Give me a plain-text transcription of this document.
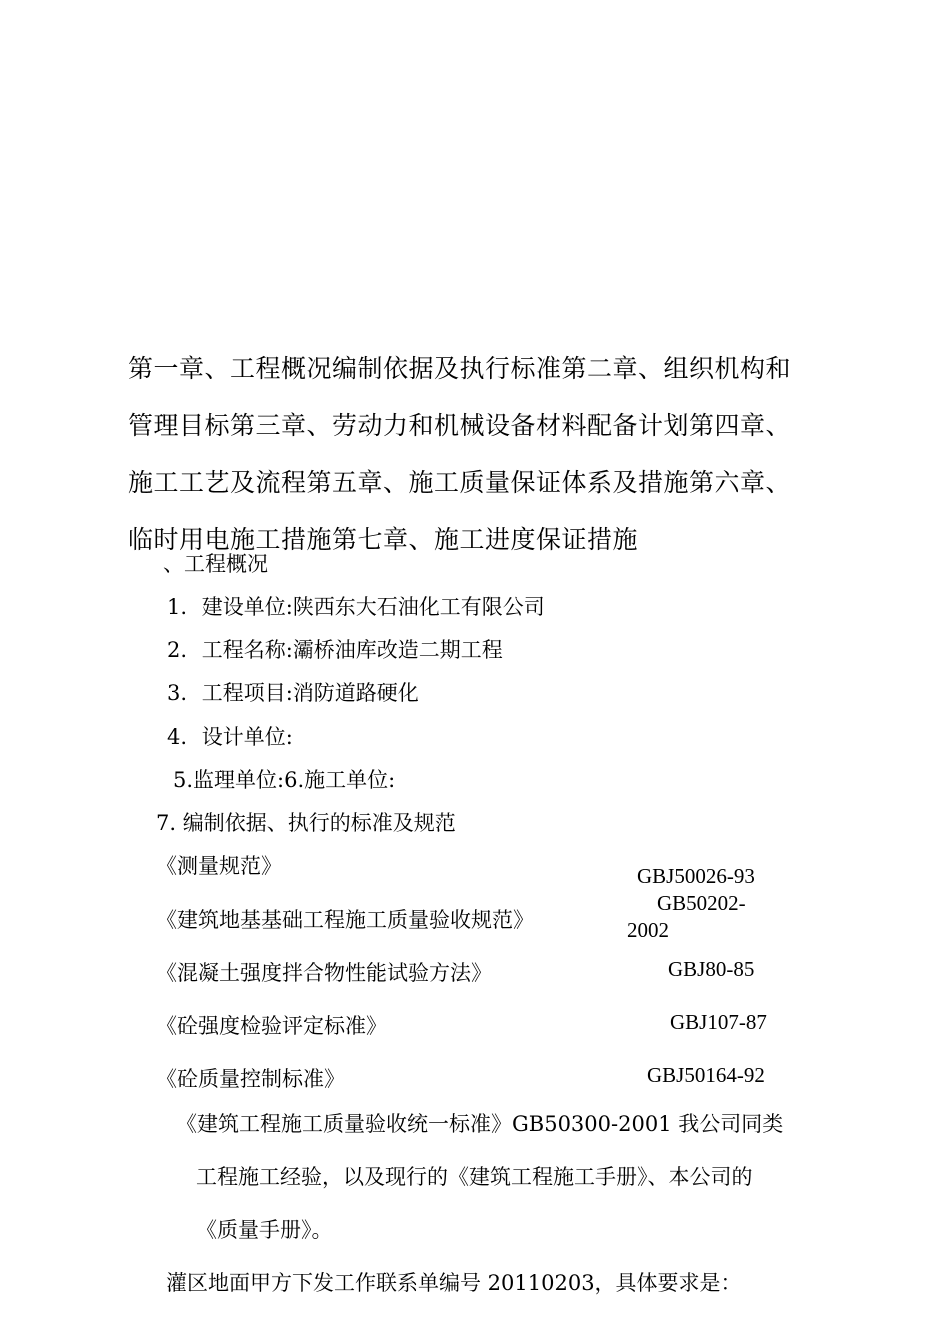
第一章、工程概况编制依据及执行标准第二章、组织机构和
管理目标第三章、劳动力和机械设备材料配备计划第四章、
施工工艺及流程第五章、施工质量保证体系及措施第六章、
临时用电施工措施第七章、施工进度保证措施
、工程概况
1. 建设单位:陕西东大石油化工有限公司
2. 工程名称:灞桥油库改造二期工程
3. 工程项目:消防道路硬化
4. 设计单位:
5.监理单位:6.施工单位:
7. 编制依据、执行的标准及规范
《测量规范》	GBJ50026-93
《建筑地基基础工程施工质量验收规范》
GB50202-
2002
《混凝土强度拌合物性能试验方法》	GBJ80-85
《砼强度检验评定标准》	GBJ107-87
《砼质量控制标准》	GBJ50164-92
《建筑工程施工质量验收统一标准》GB50300-2001 我公司同类
工程施工经验，以及现行的《建筑工程施工手册》、本公司的
《质量手册》。
灌区地面甲方下发工作联系单编号 20110203，具体要求是：
